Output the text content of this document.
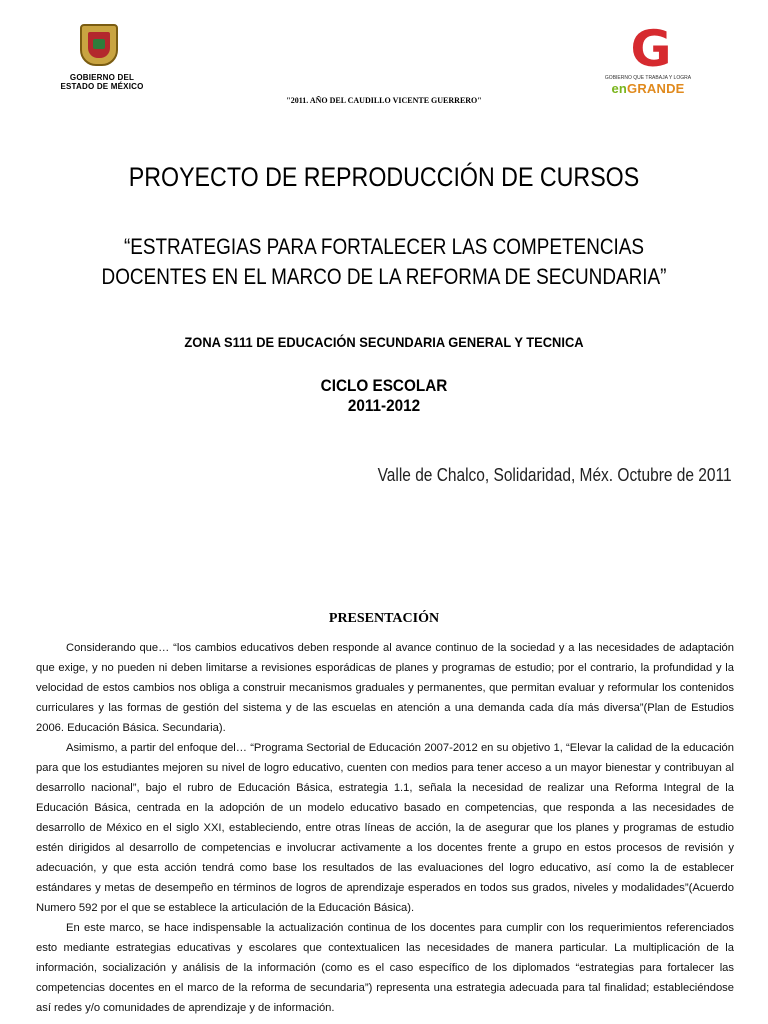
GOBIERNO DEL
ESTADO DE MÉXICO
G
GOBIERNO QUE TRABAJA Y LOGRA
enGRANDE
"2011. AÑO DEL CAUDILLO VICENTE GUERRERO"
PROYECTO DE REPRODUCCIÓN DE CURSOS
“ESTRATEGIAS PARA FORTALECER LAS COMPETENCIAS
DOCENTES EN EL MARCO DE LA REFORMA DE SECUNDARIA”
ZONA S111 DE EDUCACIÓN SECUNDARIA GENERAL Y TECNICA
CICLO ESCOLAR
2011-2012
Valle de Chalco, Solidaridad, Méx. Octubre de 2011
PRESENTACIÓN

Considerando que… “los cambios educativos deben responde al avance continuo de la sociedad y a las necesidades de adaptación que exige, y no pueden ni deben limitarse a revisiones esporádicas de planes y programas de estudio; por el contrario, la profundidad y la velocidad de estos cambios nos obliga a construir mecanismos graduales y permanentes, que permitan evaluar y reformular los contenidos curriculares y las formas de gestión del sistema y de las escuelas en atención a una demanda cada día más diversa”(Plan de Estudios 2006. Educación Básica. Secundaria).

Asimismo, a partir del enfoque del… “Programa Sectorial de Educación 2007-2012 en su objetivo 1, “Elevar la calidad de la educación para que los estudiantes mejoren su nivel de logro educativo, cuenten con medios para tener acceso a un mayor bienestar y contribuyan al desarrollo nacional”, bajo el rubro de Educación Básica, estrategia 1.1, señala la necesidad de realizar una Reforma Integral de la Educación Básica, centrada en la adopción de un modelo educativo basado en competencias, que responda a las necesidades de desarrollo de México en el siglo XXI, estableciendo, entre otras líneas de acción, la de asegurar que los planes y programas de estudio estén dirigidos al desarrollo de competencias e involucrar activamente a los docentes frente a grupo en estos procesos de revisión y adecuación, y que esta acción tendrá como base los resultados de las evaluaciones del logro educativo, así como la de establecer estándares y metas de desempeño en términos de logros de aprendizaje esperados en todos sus grados, niveles y modalidades”(Acuerdo Numero 592 por el que se establece la articulación de la Educación Básica).

En este marco, se hace indispensable la actualización continua de los docentes para cumplir con los requerimientos referenciados esto mediante estrategias educativas y escolares que contextualicen las necesidades de manera particular. La multiplicación de la información, socialización y análisis de la información (como es el caso específico de los diplomados “estrategias para fortalecer las competencias docentes en el marco de la reforma de secundaria”) representa una estrategia adecuada para tal finalidad; estableciéndose así redes y/o comunidades de aprendizaje y de información.
